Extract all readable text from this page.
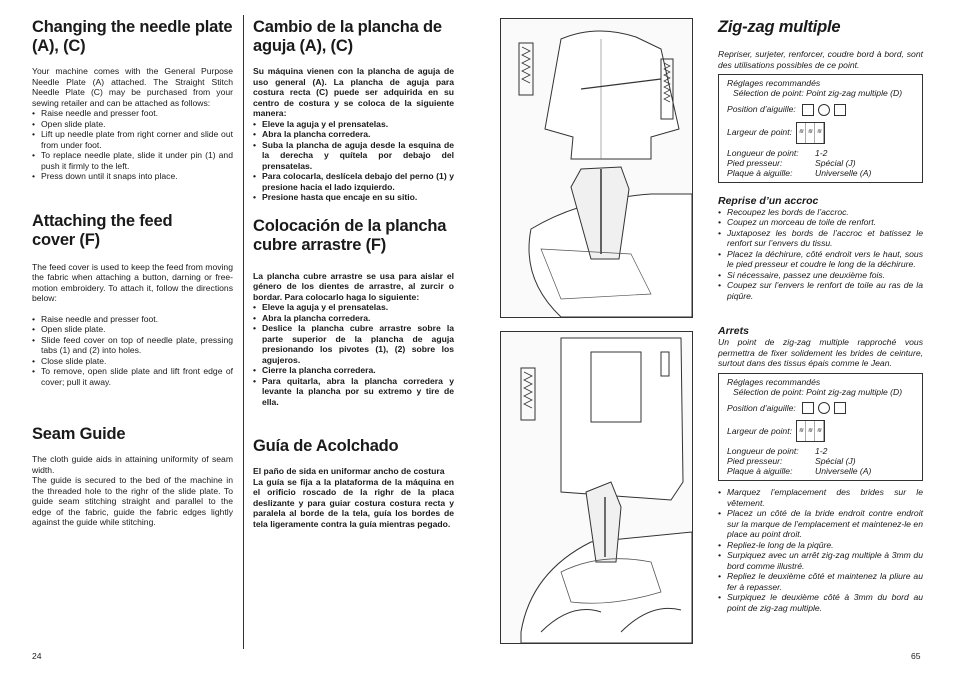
Changing the needle plate (A), (C)

Your machine comes with the General Purpose Needle Plate (A) attached. The Straight Stitch Needle Plate (C) may be purchased from your sewing retailer and can be attached as follows:

• Raise needle and presser foot.
• Open slide plate.
• Lift up needle plate from right corner and slide out from under foot.
• To replace needle plate, slide it under pin (1) and push it firmly to the left.
• Press down until it snaps into place.
Attaching the feed cover (F)

The feed cover is used to keep the feed from moving the fabric when attaching a button, darning or free-motion embroidery. To attach it, follow the directions below:

• Raise needle and presser foot.
• Open slide plate.
• Slide feed cover on top of needle plate, pressing tabs (1) and (2) into holes.
• Close slide plate.
• To remove, open slide plate and lift front edge of cover; pull it away.
Seam Guide

The cloth guide aids in attaining uniformity of seam width.

The guide is secured to the bed of the machine in the threaded hole to the righr of the slide plate. To guide seam stitching straight and parallel to the edge of the fabric, guide the fabric edges lightly against the guide while stitching.

Cambio de la plancha de aguja (A), (C)

Su máquina vienen con la plancha de aguja de uso general (A). La plancha de aguja para costura recta (C) puede ser adquirida en su centro de costura y se coloca de la siguiente manera:

• Eleve la aguja y el prensatelas.
• Abra la plancha corredera.
• Suba la plancha de aguja desde la esquina de la derecha y quítela por debajo del prensatelas.
• Para colocarla, deslícela debajo del perno (1) y presione hacia el lado izquierdo.
• Presione hasta que encaje en su sitio.
Colocación de la plancha cubre arrastre (F)

La plancha cubre arrastre se usa para aislar el género de los dientes de arrastre, al zurcir o bordar. Para colocarlo haga lo siguiente:

• Eleve la aguja y el prensatelas.
• Abra la plancha corredera.
• Deslice la plancha cubre arrastre sobre la parte superior de la plancha de aguja presionando los pivotes (1), (2) sobre los agujeros.
• Cierre la plancha corredera.
• Para quitarla, abra la plancha corredera y levante la plancha por su extremo y tire de ella.
Guía de Acolchado

El paño de sida en uniformar ancho de costura

La guía se fija a la plataforma de la máquina en el orificio roscado de la righr de la placa deslizante y para guiar costura costura recta y paralela al borde de la tela, guía los bordes de tela ligeramente contra la guía mientras pegado.

24
Zig-zag multiple

Repriser, surjeter, renforcer, coudre bord à bord, sont des utilisations possibles de ce point.

Réglages recommandés
Sélection de point: Point zig-zag multiple (D)
Position d’aiguille:
Largeur de point: ≋ ≋ ≋
Longueur de point:	1-2
Pied presseur:	Spécial (J)
Plaque à aiguille:	Universelle (A)
Reprise d’un accroc
• Recoupez les bords de l’accroc.
• Coupez un morceau de toile de renfort.
• Juxtaposez les bords de l’accroc et batissez le renfort sur l’envers du tissu.
• Placez la déchirure, côté endroit vers le haut, sous le pied presseur et coudre le long de la déchirure.
• Si nécessaire, passez une deuxième fois.
• Coupez sur l’envers le renfort de toile au ras de la piqûre.
Arrets

Un point de zig-zag multiple rapproché vous permettra de fixer solidement les brides de ceinture, surtout dans des tissus épais comme le Jean.

Réglages recommandés
Sélection de point: Point zig-zag multiple (D)
Position d’aiguille:
Largeur de point: ≋ ≋ ≋
Longueur de point:	1-2
Pied presseur:	Spécial (J)
Plaque à aiguille:	Universelle (A)
• Marquez l’emplacement des brides sur le vêtement.
• Placez un côté de la bride endroit contre endroit sur la marque de l’emplacement et maintenez-le en place au point droit.
• Repliez-le long de la piqûre.
• Surpiquez avec un arrêt zig-zag multiple à 3mm du bord comme illustré.
• Repliez le deuxième côté et maintenez la pliure au fer à repasser.
• Surpiquez le deuxième côté à 3mm du bord au point de zig-zag multiple.
65
